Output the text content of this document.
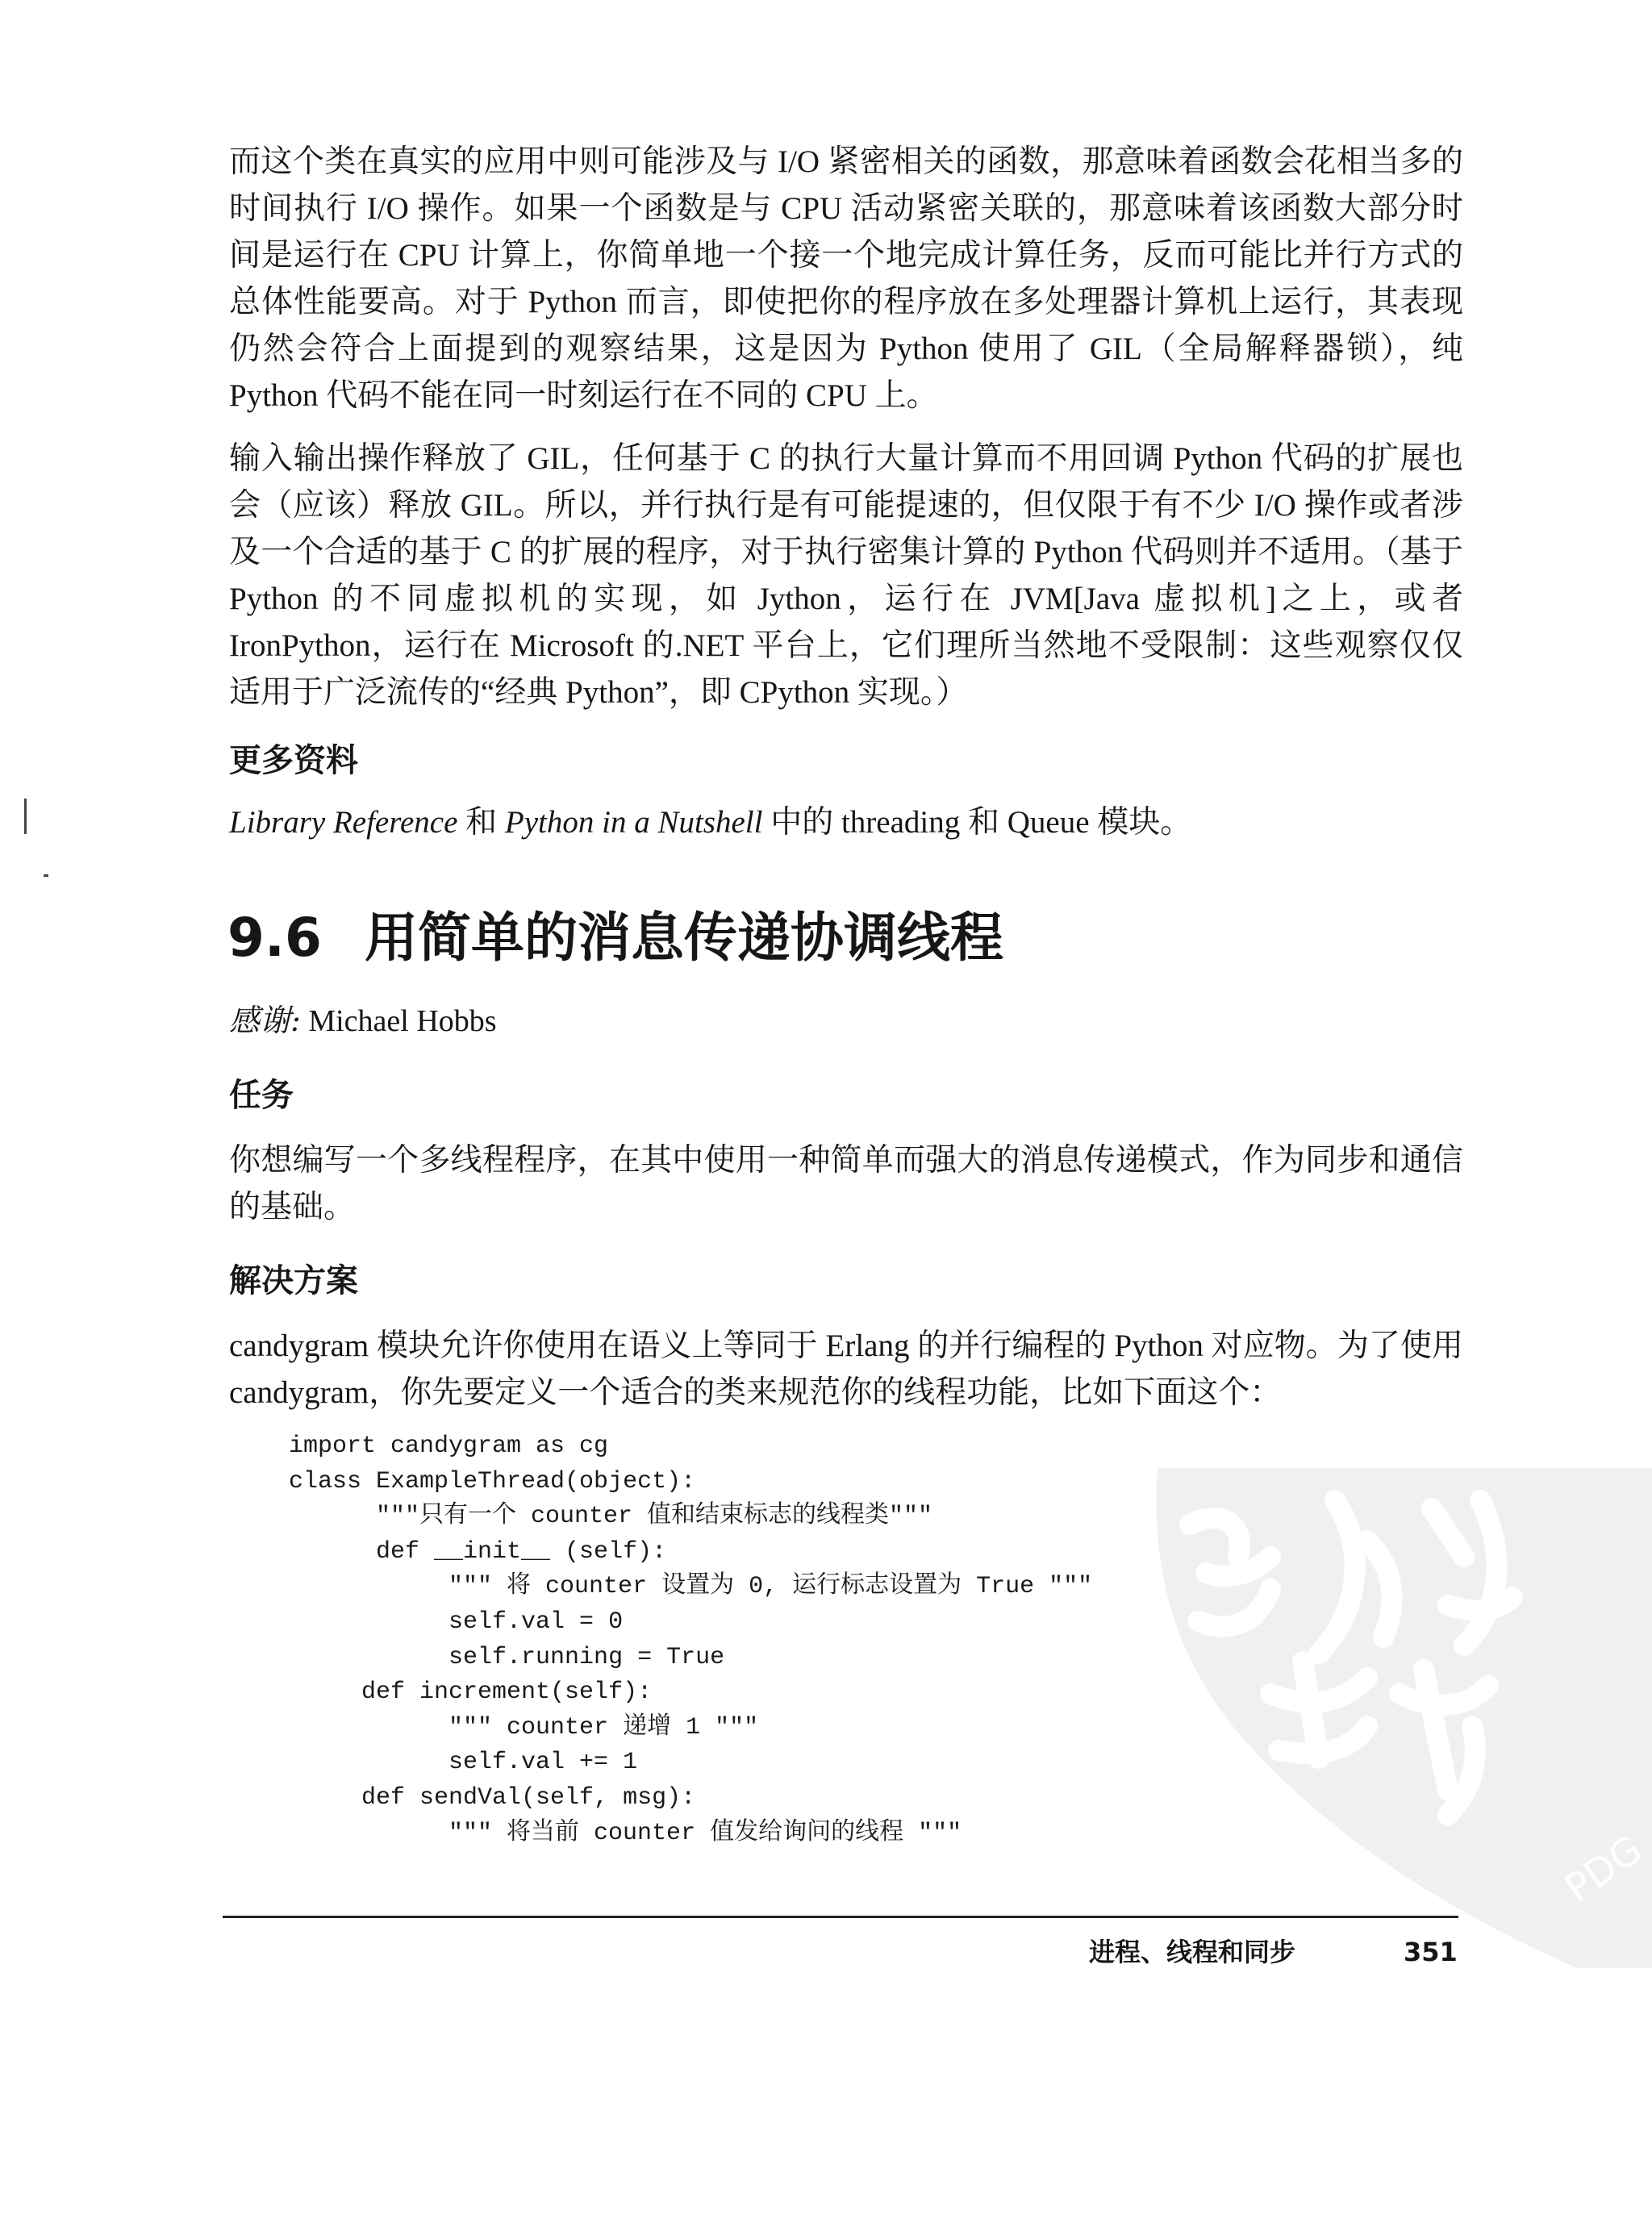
而这个类在真实的应用中则可能涉及与 I/O 紧密相关的函数，那意味着函数会花相当多的时间执行 I/O 操作。如果一个函数是与 CPU 活动紧密关联的，那意味着该函数大部分时间是运行在 CPU 计算上，你简单地一个接一个地完成计算任务，反而可能比并行方式的总体性能要高。对于 Python 而言，即使把你的程序放在多处理器计算机上运行，其表现仍然会符合上面提到的观察结果，这是因为 Python 使用了 GIL（全局解释器锁），纯 Python 代码不能在同一时刻运行在不同的 CPU 上。

输入输出操作释放了 GIL，任何基于 C 的执行大量计算而不用回调 Python 代码的扩展也会（应该）释放 GIL。所以，并行执行是有可能提速的，但仅限于有不少 I/O 操作或者涉及一个合适的基于 C 的扩展的程序，对于执行密集计算的 Python 代码则并不适用。（基于 Python 的不同虚拟机的实现，如 Jython，运行在 JVM[Java 虚拟机]之上，或者 IronPython，运行在 Microsoft 的.NET 平台上，它们理所当然地不受限制：这些观察仅仅适用于广泛流传的“经典 Python”，即 CPython 实现。）

更多资料

Library Reference 和 Python in a Nutshell 中的 threading 和 Queue 模块。

9.6 用简单的消息传递协调线程

感谢: Michael Hobbs

任务

你想编写一个多线程程序，在其中使用一种简单而强大的消息传递模式，作为同步和通信的基础。

解决方案

candygram 模块允许你使用在语义上等同于 Erlang 的并行编程的 Python 对应物。为了使用 candygram，你先要定义一个适合的类来规范你的线程功能，比如下面这个：

import candygram as cg
class ExampleThread(object):
"""只有一个 counter 值和结束标志的线程类"""
def __init__ (self):
""" 将 counter 设置为 0, 运行标志设置为 True """
self.val = 0
self.running = True
def increment(self):
""" counter 递增 1 """
self.val += 1
def sendVal(self, msg):
""" 将当前 counter 值发给询问的线程 """

进程、线程和同步	351

PDG
